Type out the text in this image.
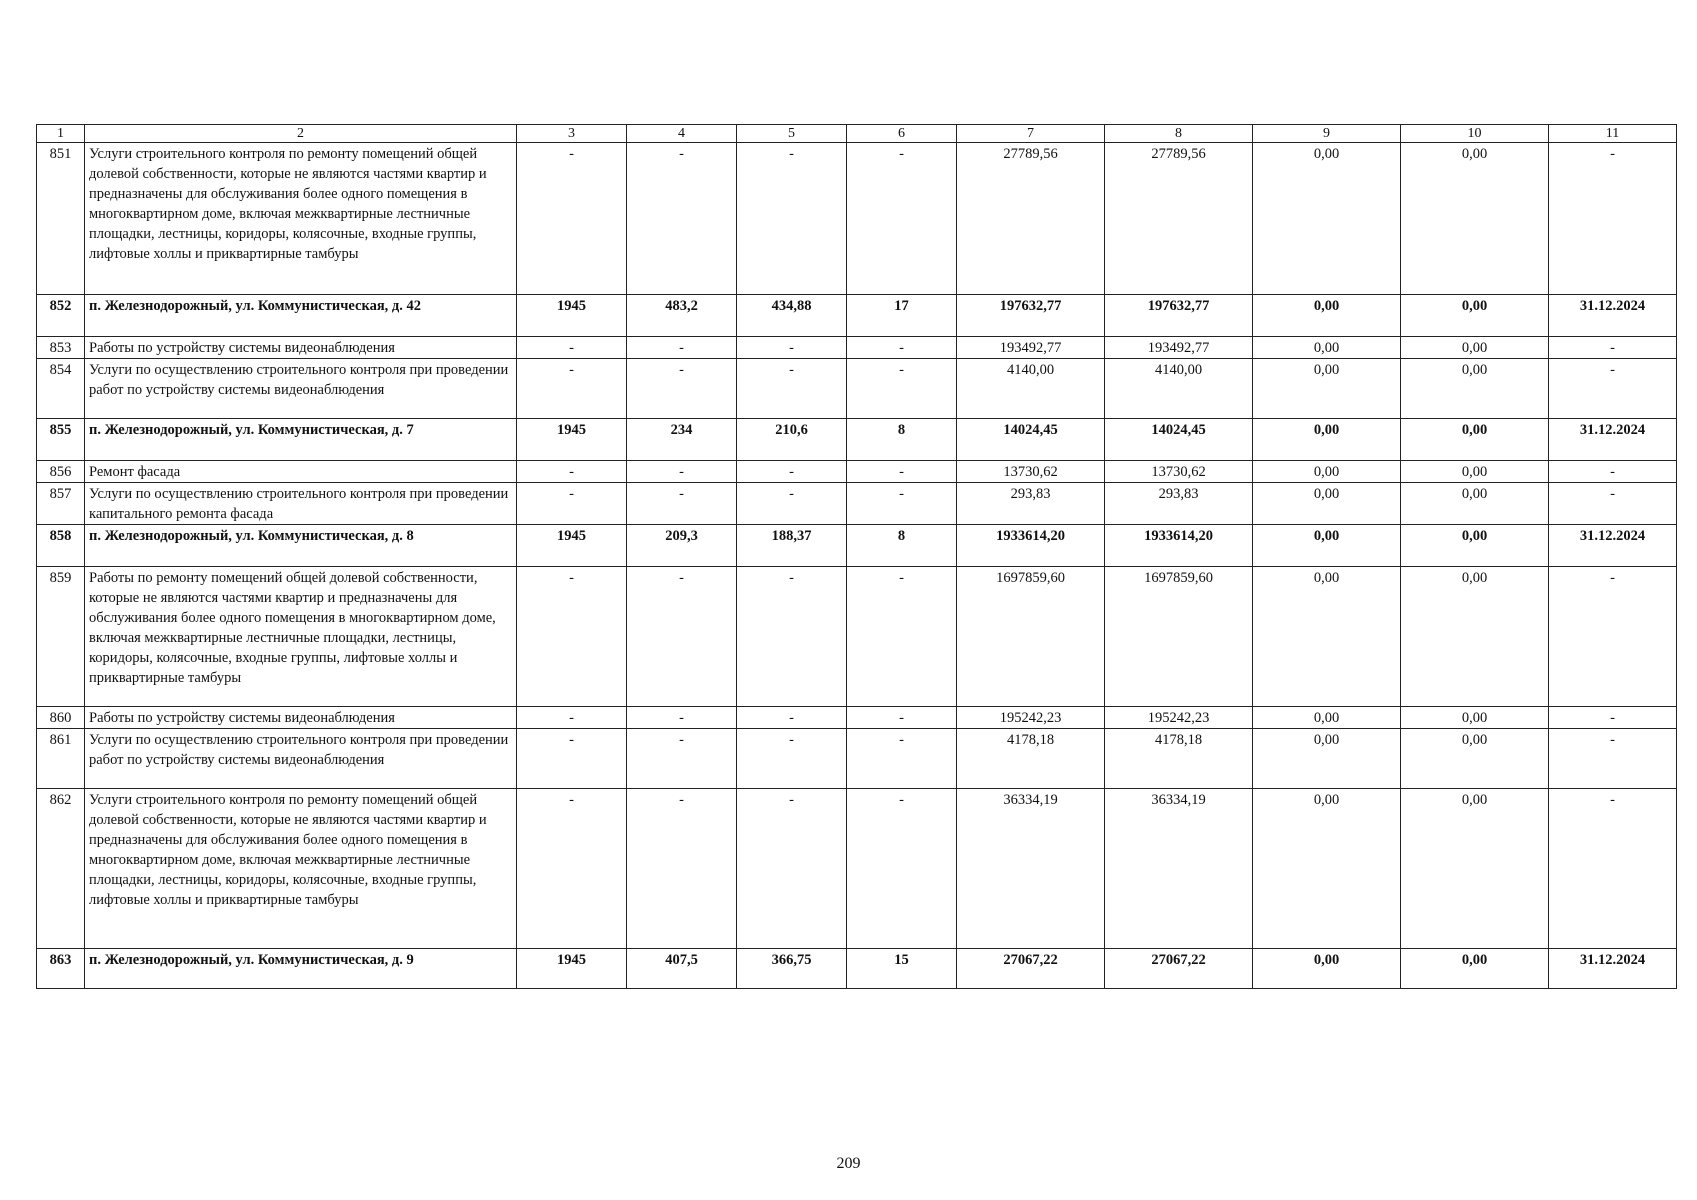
1	2	3	4	5	6	7	8	9	10	11
851	Услуги строительного контроля по ремонту помещений общей долевой собственности, которые не являются частями квартир и предназначены для обслуживания более одного помещения в многоквартирном доме, включая межквартирные лестничные площадки, лестницы, коридоры, колясочные, входные группы, лифтовые холлы и приквартирные тамбуры	-	-	-	-	27789,56	27789,56	0,00	0,00	-
852	п. Железнодорожный, ул. Коммунистическая, д. 42	1945	483,2	434,88	17	197632,77	197632,77	0,00	0,00	31.12.2024
853	Работы по устройству системы видеонаблюдения	-	-	-	-	193492,77	193492,77	0,00	0,00	-
854	Услуги по осуществлению строительного контроля при проведении работ по устройству системы видеонаблюдения	-	-	-	-	4140,00	4140,00	0,00	0,00	-
855	п. Железнодорожный, ул. Коммунистическая, д. 7	1945	234	210,6	8	14024,45	14024,45	0,00	0,00	31.12.2024
856	Ремонт фасада	-	-	-	-	13730,62	13730,62	0,00	0,00	-
857	Услуги по осуществлению строительного контроля при проведении капитального ремонта фасада	-	-	-	-	293,83	293,83	0,00	0,00	-
858	п. Железнодорожный, ул. Коммунистическая, д. 8	1945	209,3	188,37	8	1933614,20	1933614,20	0,00	0,00	31.12.2024
859	Работы по ремонту помещений общей долевой собственности, которые не являются частями квартир и предназначены для обслуживания более одного помещения в многоквартирном доме, включая межквартирные лестничные площадки, лестницы, коридоры, колясочные, входные группы, лифтовые холлы и приквартирные тамбуры	-	-	-	-	1697859,60	1697859,60	0,00	0,00	-
860	Работы по устройству системы видеонаблюдения	-	-	-	-	195242,23	195242,23	0,00	0,00	-
861	Услуги по осуществлению строительного контроля при проведении работ по устройству системы видеонаблюдения	-	-	-	-	4178,18	4178,18	0,00	0,00	-
862	Услуги строительного контроля по ремонту помещений общей долевой собственности, которые не являются частями квартир и предназначены для обслуживания более одного помещения в многоквартирном доме, включая межквартирные лестничные площадки, лестницы, коридоры, колясочные, входные группы, лифтовые холлы и приквартирные тамбуры	-	-	-	-	36334,19	36334,19	0,00	0,00	-
863	п. Железнодорожный, ул. Коммунистическая, д. 9	1945	407,5	366,75	15	27067,22	27067,22	0,00	0,00	31.12.2024
209
